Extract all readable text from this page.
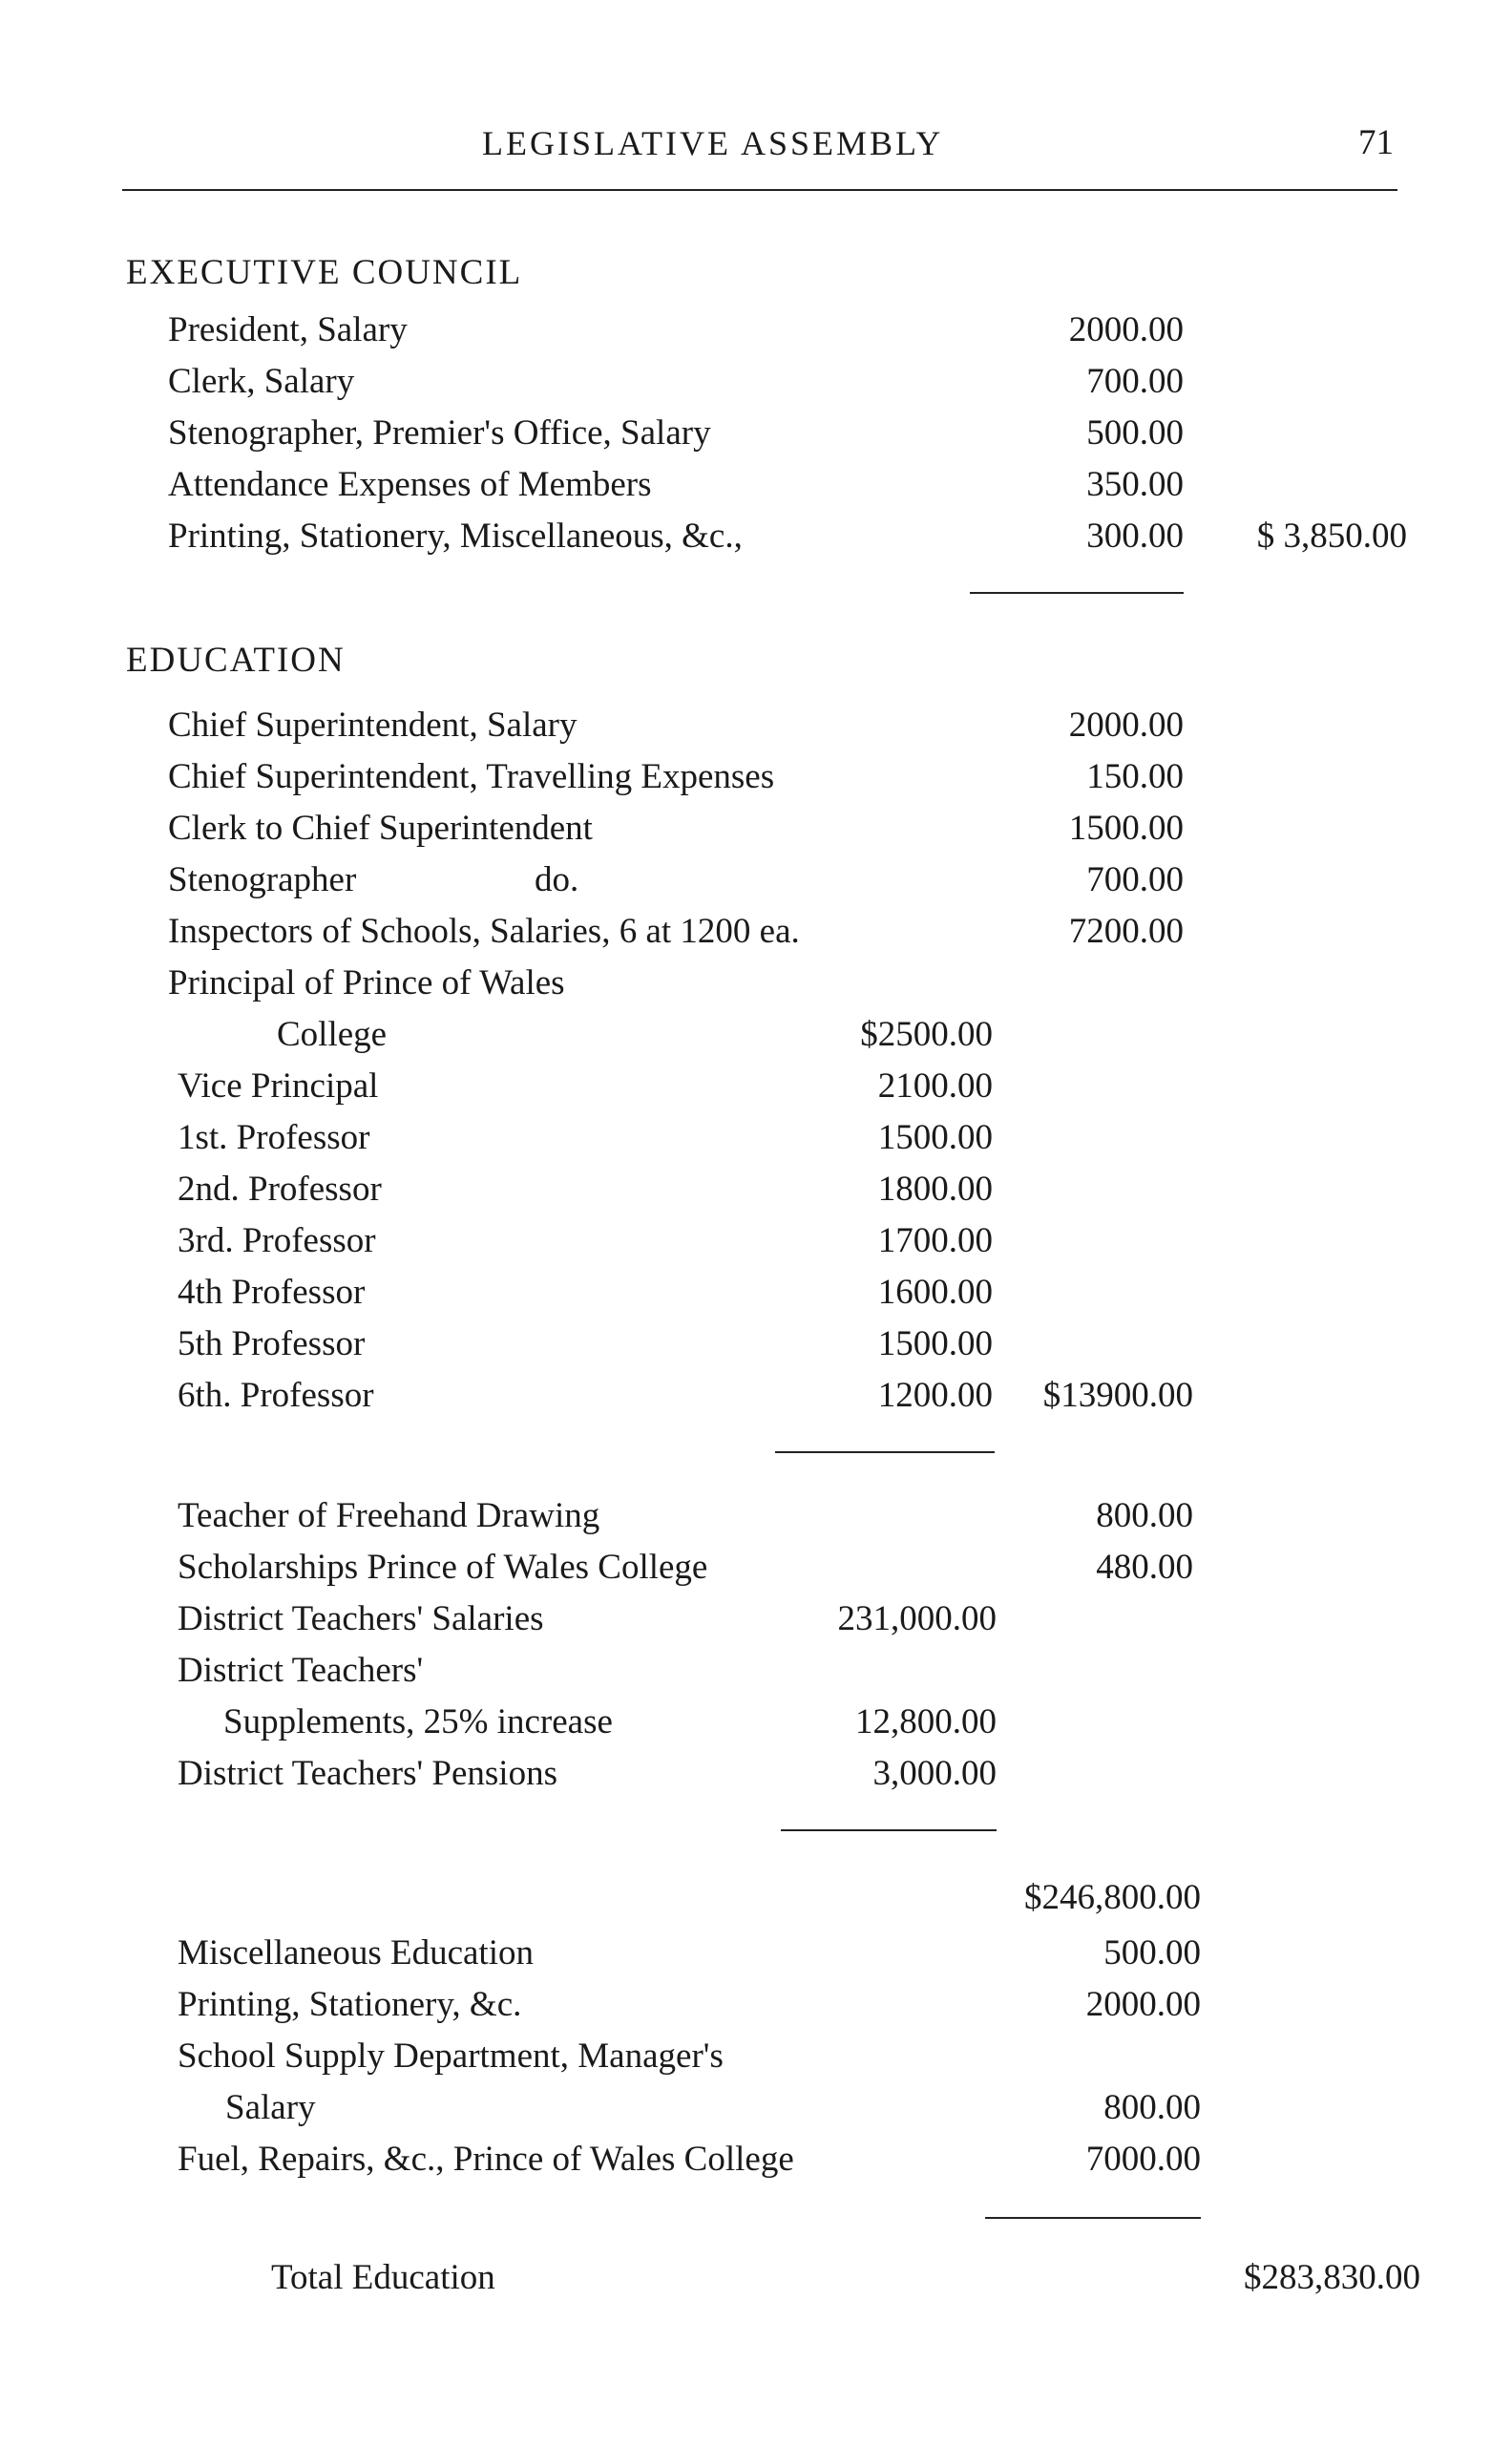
LEGISLATIVE ASSEMBLY	71
EXECUTIVE COUNCIL
President, Salary	2000.00
Clerk, Salary	700.00
Stenographer, Premier's Office, Salary	500.00
Attendance Expenses of Members	350.00
Printing, Stationery, Miscellaneous, &c.,	300.00	$ 3,850.00
EDUCATION
Chief Superintendent, Salary	2000.00
Chief Superintendent, Travelling Expenses	150.00
Clerk to Chief Superintendent	1500.00
Stenographer	do.	700.00
Inspectors of Schools, Salaries, 6 at 1200 ea.	7200.00
Principal of Prince of Wales
College	$2500.00
Vice Principal	2100.00
1st. Professor	1500.00
2nd. Professor	1800.00
3rd. Professor	1700.00
4th Professor	1600.00
5th Professor	1500.00
6th. Professor	1200.00	$13900.00
Teacher of Freehand Drawing	800.00
Scholarships Prince of Wales College	480.00
District Teachers' Salaries	231,000.00
District Teachers'
Supplements, 25% increase	12,800.00
District Teachers' Pensions	3,000.00
$246,800.00
Miscellaneous Education	500.00
Printing, Stationery, &c.	2000.00
School Supply Department, Manager's
Salary	800.00
Fuel, Repairs, &c., Prince of Wales College	7000.00
Total Education	$283,830.00
